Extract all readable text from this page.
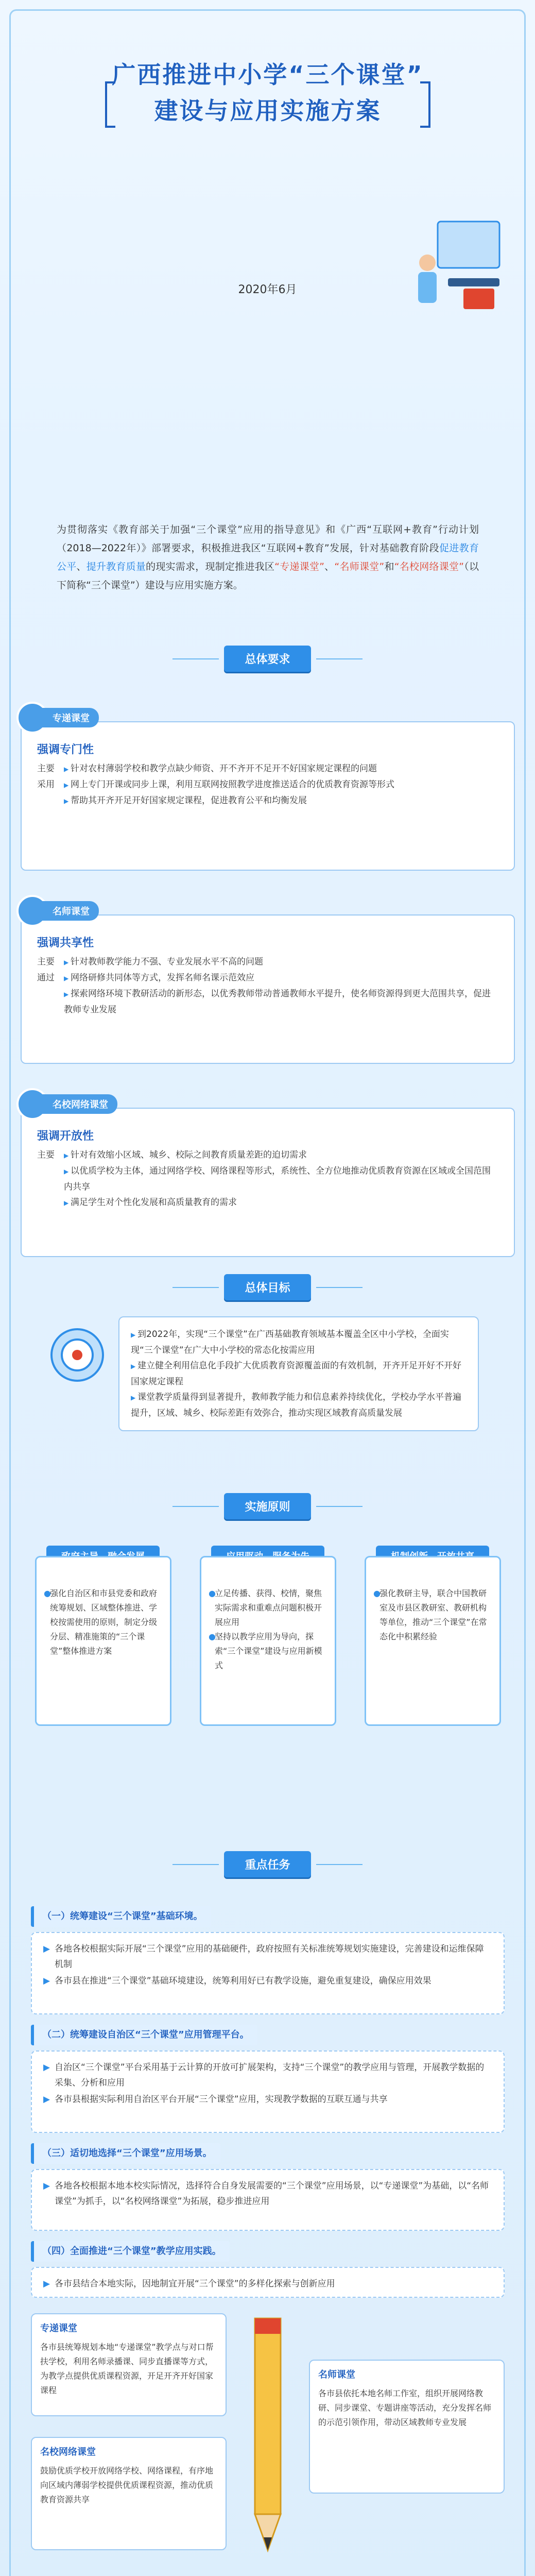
广西推进中小学“三个课堂”
建设与应用实施方案
2020年6月
为贯彻落实《教育部关于加强“三个课堂”应用的指导意见》和《广西“互联网+教育”行动计划（2018—2022年）》部署要求，积极推进我区“互联网+教育”发展，针对基础教育阶段促进教育公平、提升教育质量的现实需求，现制定推进我区“专递课堂”、“名师课堂”和“名校网络课堂”（以下简称“三个课堂”）建设与应用实施方案。
总体要求
专递课堂
强调专门性
主要	▶ 针对农村薄弱学校和教学点缺少师资、开不齐开不足开不好国家规定课程的问题
采用	▶ 网上专门开课或同步上课，利用互联网按照教学进度推送适合的优质教育资源等形式
▶ 帮助其开齐开足开好国家规定课程，促进教育公平和均衡发展
名师课堂
强调共享性
主要	▶ 针对教师教学能力不强、专业发展水平不高的问题
通过	▶ 网络研修共同体等方式，发挥名师名课示范效应
▶ 探索网络环境下教研活动的新形态，以优秀教师带动普通教师水平提升，使名师资源得到更大范围共享，促进教师专业发展
名校网络课堂
强调开放性
主要	▶ 针对有效缩小区域、城乡、校际之间教育质量差距的迫切需求
▶ 以优质学校为主体，通过网络学校、网络课程等形式，系统性、全方位地推动优质教育资源在区域或全国范围内共享
▶ 满足学生对个性化发展和高质量教育的需求
总体目标
▶ 到2022年，实现“三个课堂”在广西基础教育领域基本覆盖全区中小学校，全面实现“三个课堂”在广大中小学校的常态化按需应用
▶ 建立健全利用信息化手段扩大优质教育资源覆盖面的有效机制，开齐开足开好不开好国家规定课程
▶ 课堂教学质量得到显著提升，教师教学能力和信息素养持续优化，学校办学水平普遍提升，区域、城乡、校际差距有效弥合，推动实现区域教育高质量发展
实施原则
●
强化自治区和市县党委和政府统筹规划、区域整体推进、学校按需使用的原则，制定分级分层、精准施策的“三个课堂”整体推进方案
●
立足传播、获得、校情，聚焦实际需求和重难点问题积极开展应用
●
坚持以教学应用为导向，探索“三个课堂”建设与应用新模式
●
强化教研主导，联合中国教研室及市县区教研室、教研机构等单位，推动“三个课堂”在常态化中积累经验
重点任务
（一）统筹建设“三个课堂”基础环境。
▶ 各地各校根据实际开展“三个课堂”应用的基础硬件，政府按照有关标准统筹规划实施建设，完善建设和运维保障机制
▶ 各市县在推进“三个课堂”基础环境建设，统筹利用好已有教学设施，避免重复建设，确保应用效果
（二）统筹建设自治区“三个课堂”应用管理平台。
▶ 自治区“三个课堂”平台采用基于云计算的开放可扩展架构，支持“三个课堂”的教学应用与管理，开展教学数据的采集、分析和应用
▶ 各市县根据实际利用自治区平台开展“三个课堂”应用，实现教学数据的互联互通与共享
（三）适切地选择“三个课堂”应用场景。
▶ 各地各校根据本地本校实际情况，选择符合自身发展需要的“三个课堂”应用场景，以“专递课堂”为基础，以“名师课堂”为抓手，以“名校网络课堂”为拓展，稳步推进应用
（四）全面推进“三个课堂”教学应用实践。
▶ 各市县结合本地实际，因地制宜开展“三个课堂”的多样化探索与创新应用
专递课堂
各市县统筹规划本地“专递课堂”教学点与对口帮扶学校，利用名师录播课、同步直播课等方式，为教学点提供优质课程资源，开足开齐开好国家课程
名校网络课堂
鼓励优质学校开放网络学校、网络课程，有序地向区域内薄弱学校提供优质课程资源，推动优质教育资源共享
名师课堂
各市县依托本地名师工作室，组织开展网络教研、同步课堂、专题讲座等活动，充分发挥名师的示范引领作用，带动区域教师专业发展
